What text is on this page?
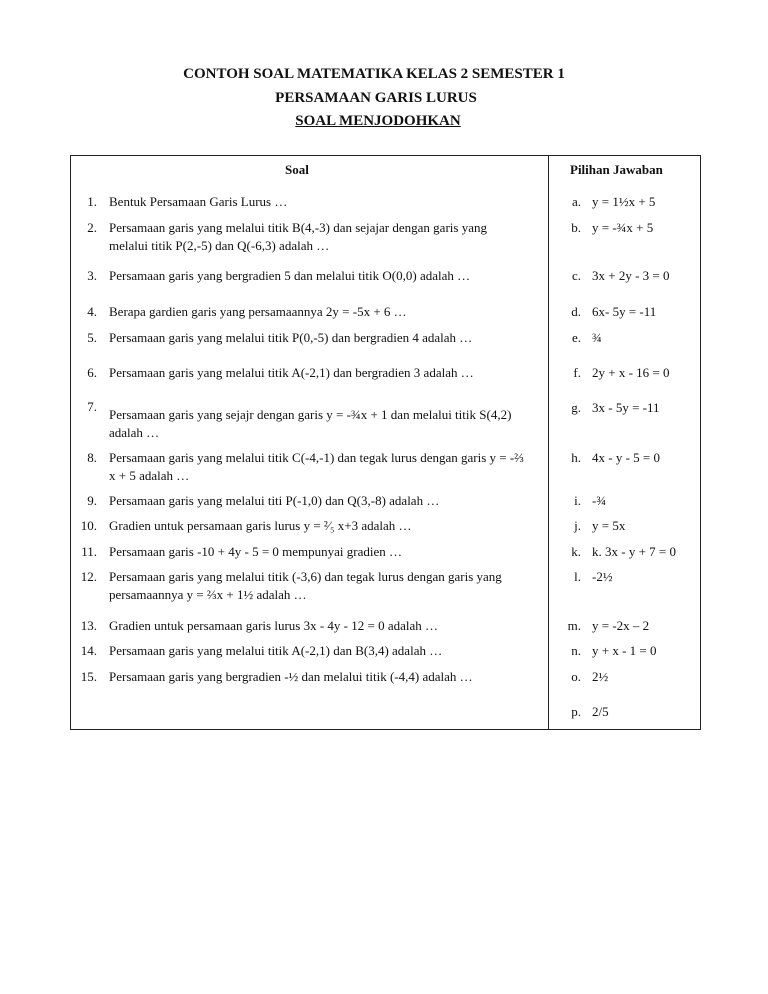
CONTOH SOAL MATEMATIKA KELAS 2 SEMESTER 1
PERSAMAAN GARIS LURUS
SOAL MENJODOHKAN
Soal	Pilihan Jawaban
1. Bentuk Persamaan Garis Lurus …
2. Persamaan garis yang melalui titik B(4,-3) dan sejajar dengan garis yang melalui titik P(2,-5) dan Q(-6,3) adalah …
3. Persamaan garis yang bergradien 5 dan melalui titik O(0,0) adalah …
4. Berapa gardien garis yang persamaannya 2y = -5x + 6 …
5. Persamaan garis yang melalui titik P(0,-5) dan bergradien 4 adalah …
6. Persamaan garis yang melalui titik A(-2,1) dan bergradien 3 adalah …
7.
Persamaan garis yang sejajr dengan garis y = -¾x + 1 dan melalui titik S(4,2) adalah …
8. Persamaan garis yang melalui titik C(-4,-1) dan tegak lurus dengan garis y = -⅔ x + 5 adalah …
9. Persamaan garis yang melalui titi P(-1,0) dan Q(3,-8) adalah …
10. Gradien untuk persamaan garis lurus y = ²⁄₅ x+3 adalah …
11. Persamaan garis -10 + 4y - 5 = 0 mempunyai gradien …
12. Persamaan garis yang melalui titik (-3,6) dan tegak lurus dengan garis yang persamaannya y = ⅔x + 1½ adalah …
13. Gradien untuk persamaan garis lurus 3x - 4y - 12 = 0 adalah …
14. Persamaan garis yang melalui titik A(-2,1) dan B(3,4) adalah …
15. Persamaan garis yang bergradien -½ dan melalui titik (-4,4) adalah …
a. y = 1½x + 5
b. y = -¾x + 5
c. 3x + 2y - 3 = 0
d. 6x- 5y = -11
e. ¾
f. 2y + x - 16 = 0
g. 3x - 5y = -11
h. 4x - y - 5 = 0
i. -¾
j. y = 5x
k. k. 3x - y + 7 = 0
l. -2½
m. y = -2x – 2
n. y + x - 1 = 0
o. 2½
p. 2/5
